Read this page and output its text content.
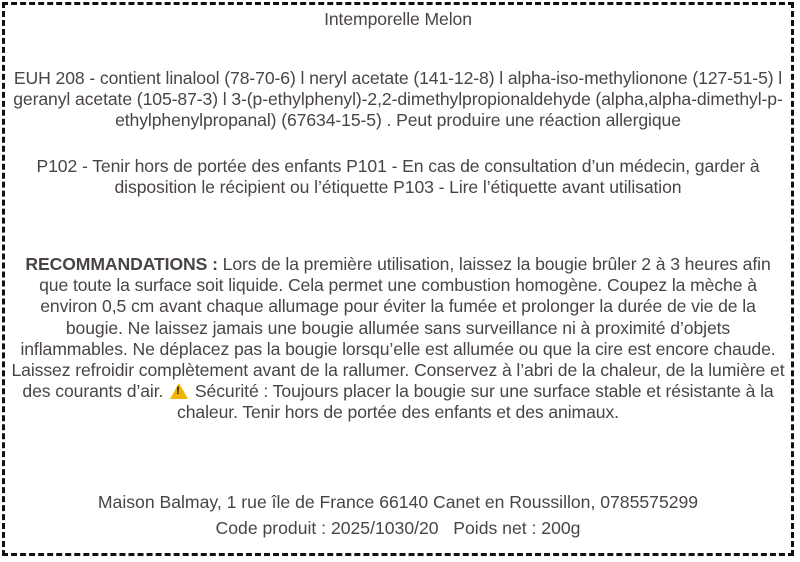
Intemporelle Melon

EUH 208 - contient linalool (78-70-6) l neryl acetate (141-12-8) l alpha-iso-methylionone (127-51-5) l geranyl acetate (105-87-3) l 3-(p-ethylphenyl)-2,2-dimethylpropionaldehyde (alpha,alpha-dimethyl-p-ethylphenylpropanal) (67634-15-5) . Peut produire une réaction allergique

P102 - Tenir hors de portée des enfants P101 - En cas de consultation d’un médecin, garder à disposition le récipient ou l’étiquette P103 - Lire l’étiquette avant utilisation

RECOMMANDATIONS : Lors de la première utilisation, laissez la bougie brûler 2 à 3 heures afin que toute la surface soit liquide. Cela permet une combustion homogène. Coupez la mèche à environ 0,5 cm avant chaque allumage pour éviter la fumée et prolonger la durée de vie de la bougie. Ne laissez jamais une bougie allumée sans surveillance ni à proximité d’objets inflammables. Ne déplacez pas la bougie lorsqu’elle est allumée ou que la cire est encore chaude. Laissez refroidir complètement avant de la rallumer. Conservez à l’abri de la chaleur, de la lumière et des courants d’air. ! Sécurité : Toujours placer la bougie sur une surface stable et résistante à la chaleur. Tenir hors de portée des enfants et des animaux.

Maison Balmay, 1 rue île de France 66140 Canet en Roussillon, 0785575299

Code produit : 2025/1030/20 Poids net : 200g
